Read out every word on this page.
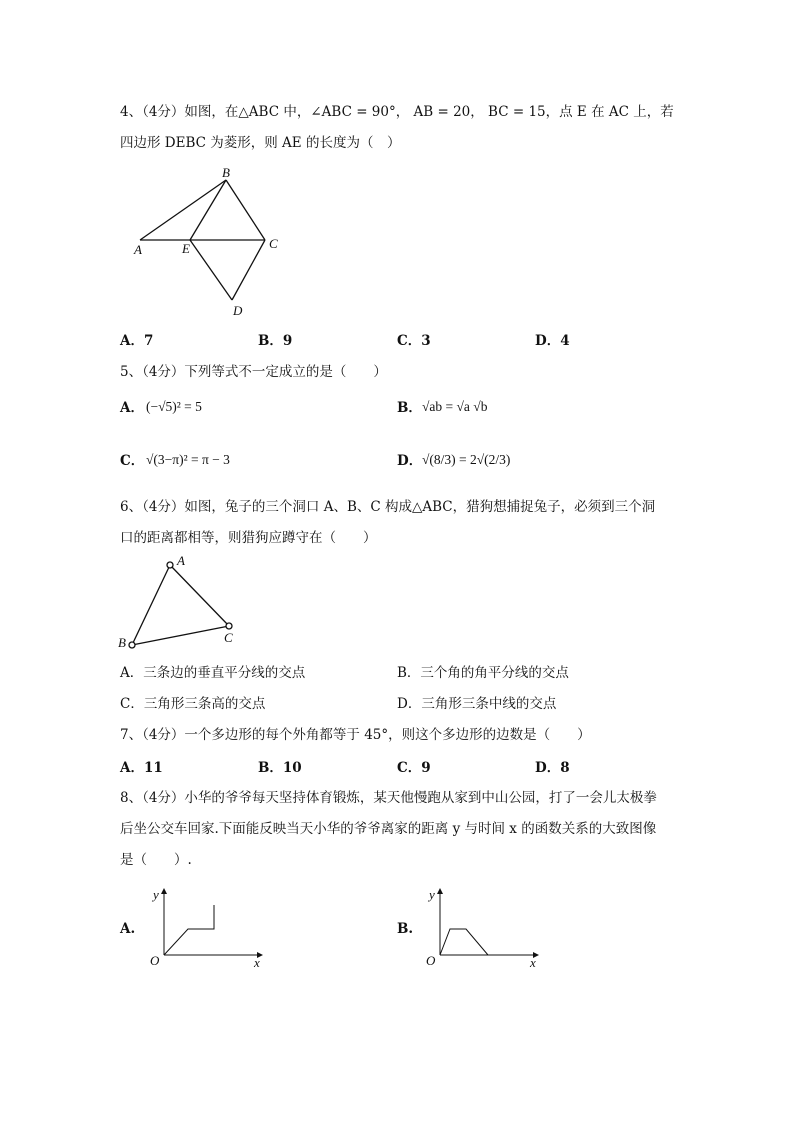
4、（4分）如图，在△ABC 中，∠ABC = 90°， AB = 20， BC = 15，点 E 在 AC 上，若
四边形 DEBC 为菱形，则 AE 的长度为（　）
A
B
C
D
E
A．7	B．9	C．3	D．4
5、（4分）下列等式不一定成立的是（　　）
A． (−√5)² = 5	B． √ab = √a √b
C． √(3−π)² = π − 3	D． √(8/3) = 2√(2/3)
6、（4分）如图，兔子的三个洞口 A、B、C 构成△ABC，猎狗想捕捉兔子，必须到三个洞
口的距离都相等，则猎狗应蹲守在（　　）
A
B	C
A．三条边的垂直平分线的交点	B．三个角的角平分线的交点
C．三角形三条高的交点	D．三角形三条中线的交点
7、（4分）一个多边形的每个外角都等于 45°，则这个多边形的边数是（　　）
A．11	B．10	C．9	D．8
8、（4分）小华的爷爷每天坚持体育锻炼，某天他慢跑从家到中山公园，打了一会儿太极拳
后坐公交车回家.下面能反映当天小华的爷爷离家的距离 y 与时间 x 的函数关系的大致图像
是（　　）.
A.
y
x
O
B.
y
x
O
